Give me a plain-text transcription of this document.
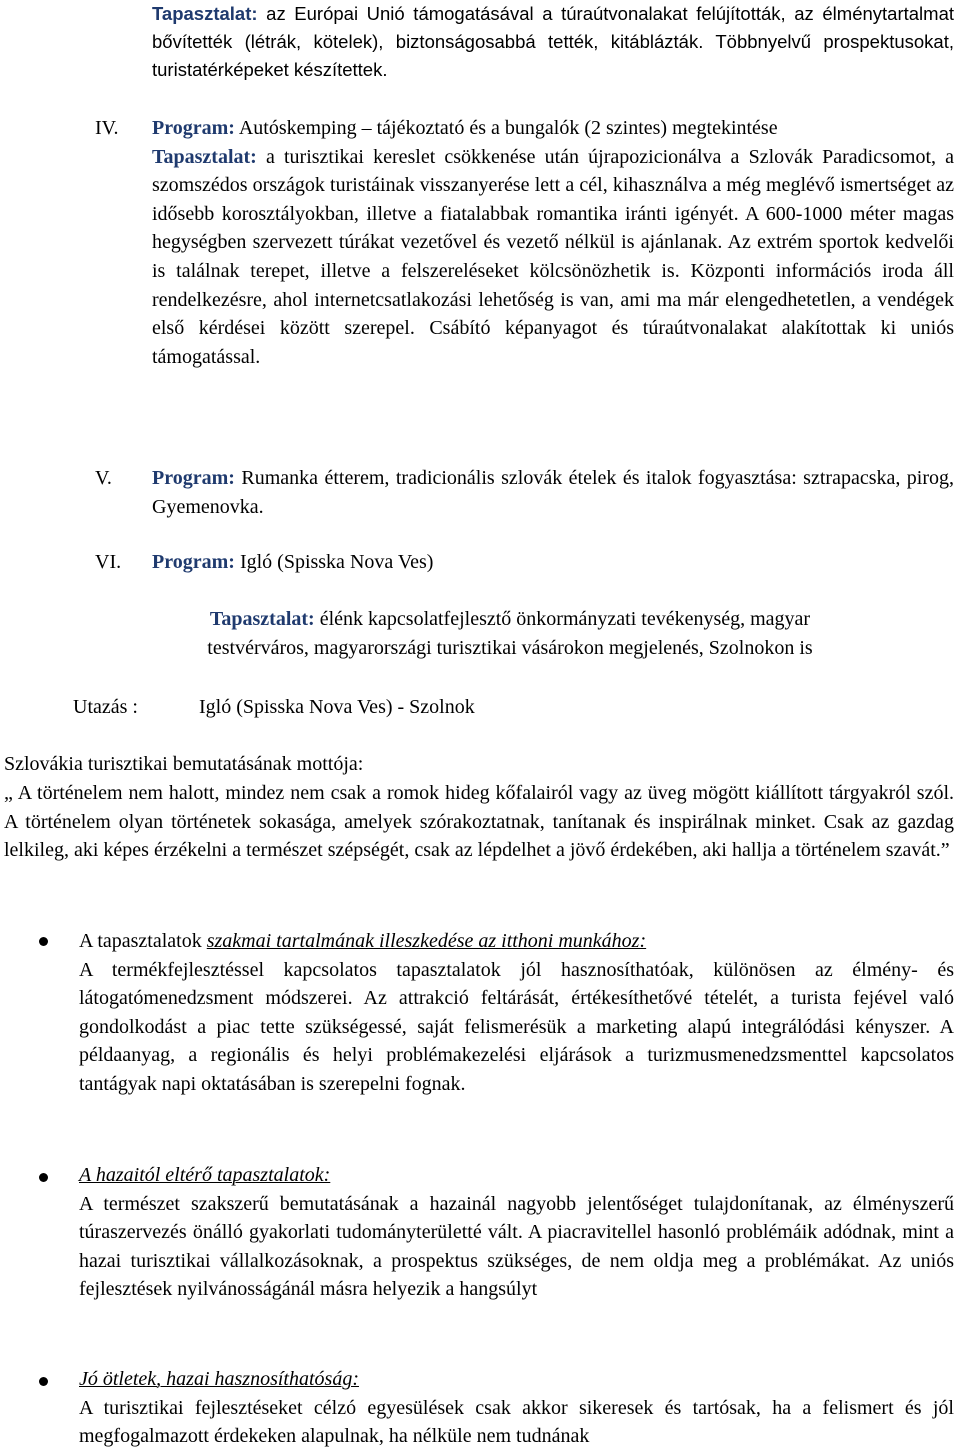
Tapasztalat: az Európai Unió támogatásával a túraútvonalakat felújították, az élménytartalmat bővítették (létrák, kötelek), biztonságosabbá tették, kitáblázták. Többnyelvű prospektusokat, turistatérképeket készítettek.
IV. Program: Autóskemping – tájékoztató és a bungalók (2 szintes) megtekintése
Tapasztalat: a turisztikai kereslet csökkenése után újrapozicionálva a Szlovák Paradicsomot, a szomszédos országok turistáinak visszanyerése lett a cél, kihasználva a még meglévő ismertséget az idősebb korosztályokban, illetve a fiatalabbak romantika iránti igényét. A 600-1000 méter magas hegységben szervezett túrákat vezetővel és vezető nélkül is ajánlanak. Az extrém sportok kedvelői is találnak terepet, illetve a felszereléseket kölcsönözhetik is. Központi információs iroda áll rendelkezésre, ahol internetcsatlakozási lehetőség is van, ami ma már elengedhetetlen, a vendégek első kérdései között szerepel. Csábító képanyagot és túraútvonalakat alakítottak ki uniós támogatással.
V. Program: Rumanka étterem, tradicionális szlovák ételek és italok fogyasztása: sztrapacska, pirog, Gyemenovka.
VI. Program: Igló (Spisska Nova Ves)
Tapasztalat: élénk kapcsolatfejlesztő önkormányzati tevékenység, magyar
testvérváros, magyarországi turisztikai vásárokon megjelenés, Szolnokon is
Utazás :	Igló (Spisska Nova Ves) - Szolnok
Szlovákia turisztikai bemutatásának mottója:
„ A történelem nem halott, mindez nem csak a romok hideg kőfalairól vagy az üveg mögött kiállított tárgyakról szól. A történelem olyan történetek sokasága, amelyek szórakoztatnak, tanítanak és inspirálnak minket. Csak az gazdag lelkileg, aki képes érzékelni a természet szépségét, csak az lépdelhet a jövő érdekében, aki hallja a történelem szavát.”
A tapasztalatok szakmai tartalmának illeszkedése az itthoni munkához:
A termékfejlesztéssel kapcsolatos tapasztalatok jól hasznosíthatóak, különösen az élmény- és látogatómenedzsment módszerei. Az attrakció feltárását, értékesíthetővé tételét, a turista fejével való gondolkodást a piac tette szükségessé, saját felismerésük a marketing alapú integrálódási kényszer. A példaanyag, a regionális és helyi problémakezelési eljárások a turizmusmenedzsmenttel kapcsolatos tantágyak napi oktatásában is szerepelni fognak.
A hazaitól eltérő tapasztalatok:
A természet szakszerű bemutatásának a hazainál nagyobb jelentőséget tulajdonítanak, az élményszerű túraszervezés önálló gyakorlati tudományterületté vált. A piacravitellel hasonló problémáik adódnak, mint a hazai turisztikai vállalkozásoknak, a prospektus szükséges, de nem oldja meg a problémákat. Az uniós fejlesztések nyilvánosságánál másra helyezik a hangsúlyt
Jó ötletek, hazai hasznosíthatóság:
A turisztikai fejlesztéseket célzó egyesülések csak akkor sikeresek és tartósak, ha a felismert és jól megfogalmazott érdekeken alapulnak, ha nélküle nem tudnának
